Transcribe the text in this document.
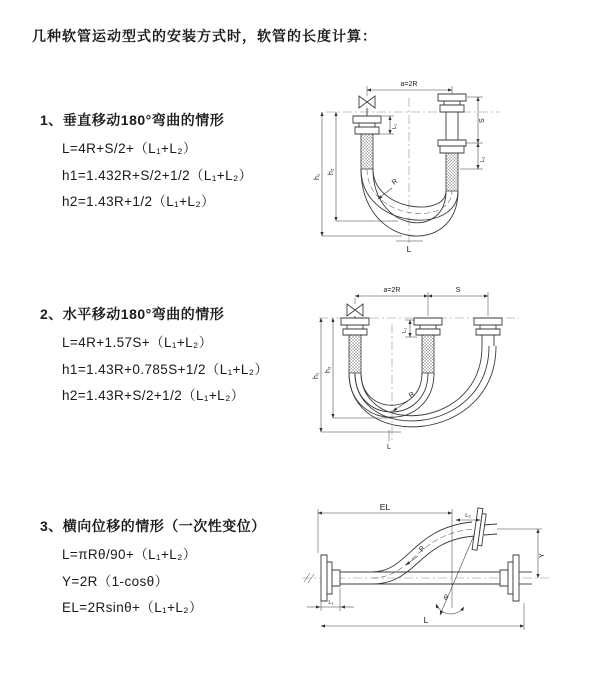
几种软管运动型式的安装方式时，软管的长度计算：
1、垂直移动180°弯曲的情形
L=4R+S/2+（L₁+L₂）
h1=1.432R+S/2+1/2（L₁+L₂）
h2=1.43R+1/2（L₁+L₂）
a=2R
h₁
h₂
L₁
S
L₂
R
L
2、水平移动180°弯曲的情形
L=4R+1.57S+（L₁+L₂）
h1=1.43R+0.785S+1/2（L₁+L₂）
h2=1.43R+S/2+1/2（L₁+L₂）
a=2R	S
h₁
h₂
L₁
R
L
3、横向位移的情形（一次性变位）
L=πRθ/90+（L₁+L₂）
Y=2R（1-cosθ）
EL=2Rsinθ+（L₁+L₂）
EL
L₂
θ
R
Y
L₁
L
